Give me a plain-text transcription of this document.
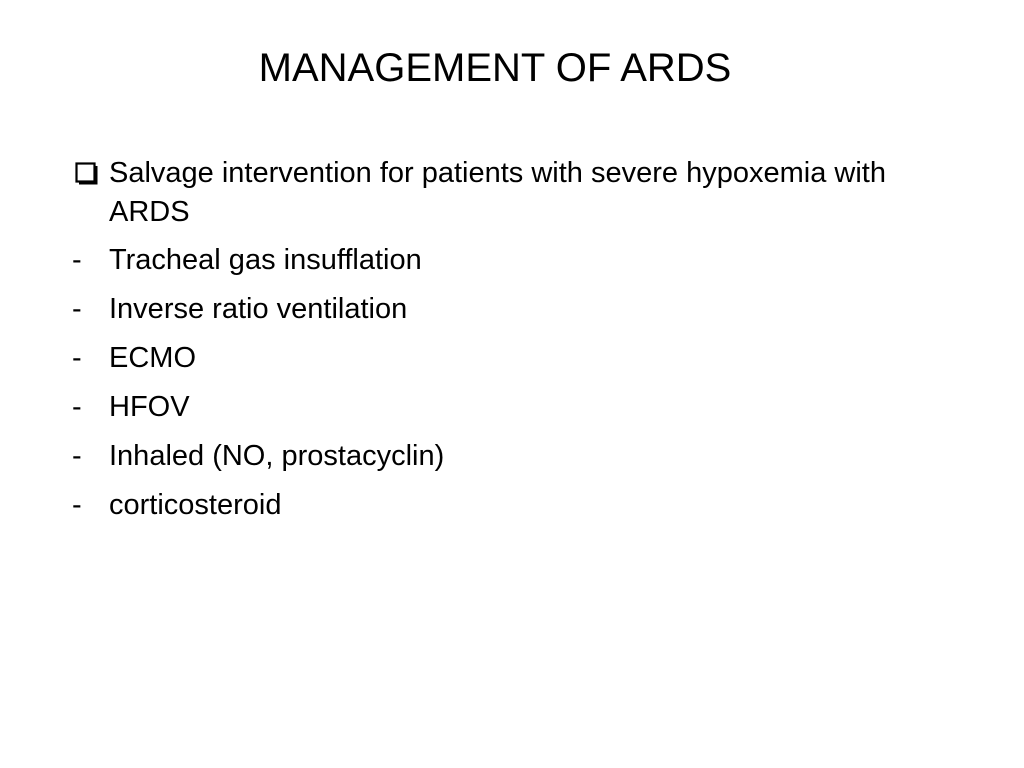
MANAGEMENT OF ARDS
Salvage intervention for patients with severe hypoxemia with ARDS
- Tracheal gas insufflation
- Inverse ratio ventilation
- ECMO
- HFOV
- Inhaled (NO, prostacyclin)
- corticosteroid
